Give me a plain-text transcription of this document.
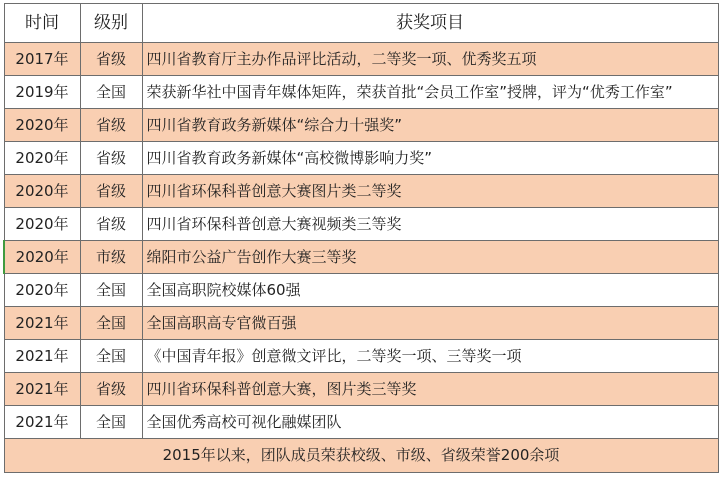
时间	级别	获奖项目
2017年	省级	四川省教育厅主办作品评比活动，二等奖一项、优秀奖五项
2019年	全国	荣获新华社中国青年媒体矩阵，荣获首批“会员工作室”授牌，评为“优秀工作室”
2020年	省级	四川省教育政务新媒体“综合力十强奖”
2020年	省级	四川省教育政务新媒体“高校微博影响力奖”
2020年	省级	四川省环保科普创意大赛图片类二等奖
2020年	省级	四川省环保科普创意大赛视频类三等奖
2020年	市级	绵阳市公益广告创作大赛三等奖
2020年	全国	全国高职院校媒体60强
2021年	全国	全国高职高专官微百强
2021年	全国	《中国青年报》创意微文评比，二等奖一项、三等奖一项
2021年	省级	四川省环保科普创意大赛，图片类三等奖
2021年	全国	全国优秀高校可视化融媒团队
2015年以来，团队成员荣获校级、市级、省级荣誉200余项		
